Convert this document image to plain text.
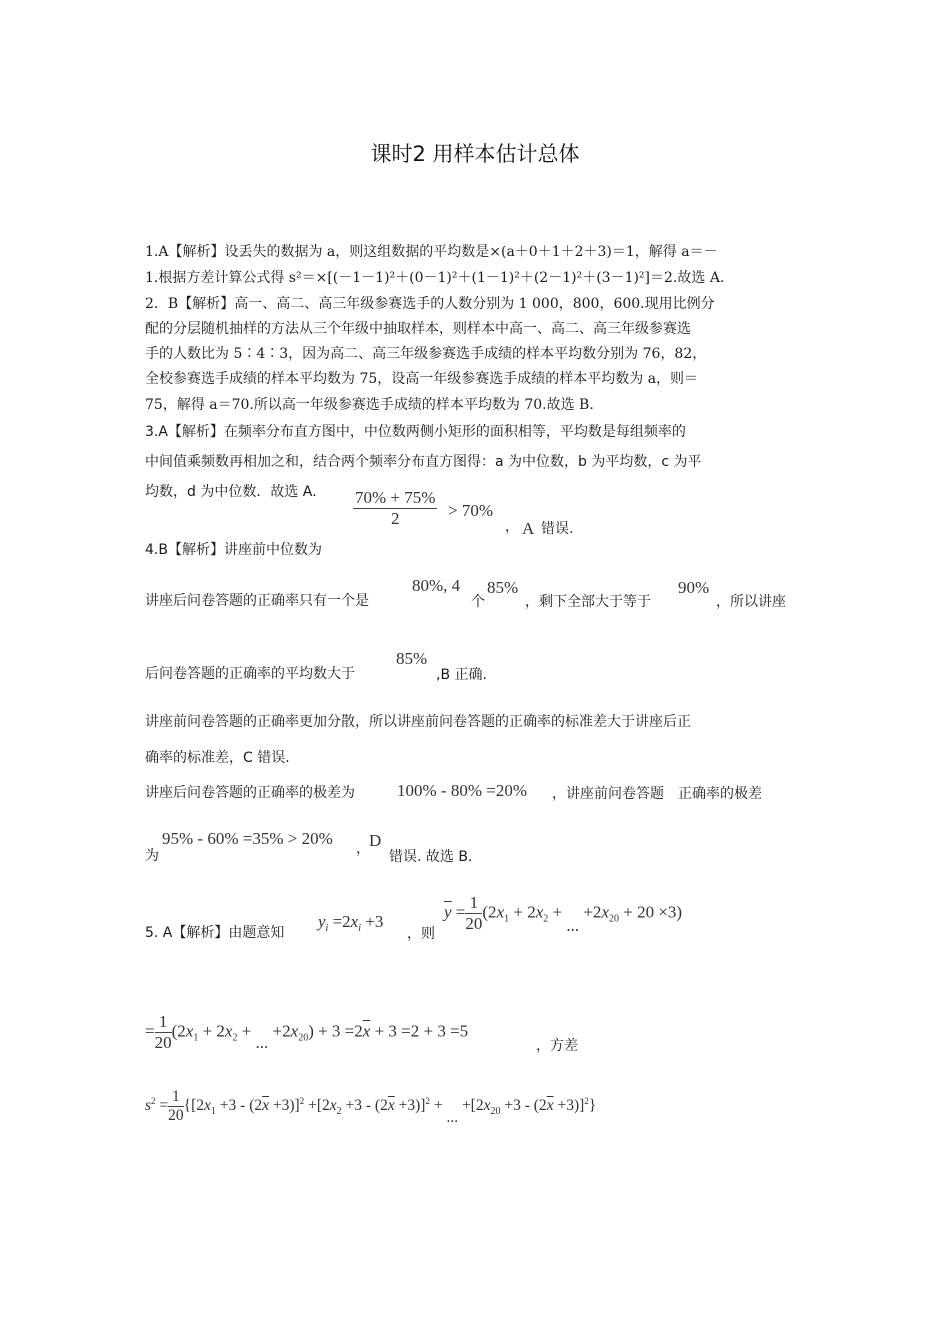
课时2 用样本估计总体
1.A【解析】设丢失的数据为 a，则这组数据的平均数是×(a＋0＋1＋2＋3)＝1，解得 a＝－
1.根据方差计算公式得 s²＝×[(－1－1)²＋(0－1)²＋(1－1)²＋(2－1)²＋(3－1)²]＝2.故选 A.
2．B【解析】高一、高二、高三年级参赛选手的人数分别为 1 000，800，600.现用比例分
配的分层随机抽样的方法从三个年级中抽取样本，则样本中高一、高二、高三年级参赛选
手的人数比为 5∶4∶3，因为高二、高三年级参赛选手成绩的样本平均数分别为 76，82，
全校参赛选手成绩的样本平均数为 75，设高一年级参赛选手成绩的样本平均数为 a，则＝
75，解得 a＝70.所以高一年级参赛选手成绩的样本平均数为 70.故选 B.
3.A【解析】在频率分布直方图中，中位数两侧小矩形的面积相等，平均数是每组频率的
中间值乘频数再相加之和，结合两个频率分布直方图得：a 为中位数，b 为平均数，c 为平
均数，d 为中位数．故选 A.
4.B【解析】讲座前中位数为
$\frac{70\% + 75\%}{2} > 70\%$
， A 错误.
讲座后问卷答题的正确率只有一个是
80%, 4
个
85%
，剩下全部大于等于
90%
，所以讲座
后问卷答题的正确率的平均数大于
85%
,B 正确.
讲座前问卷答题的正确率更加分散，所以讲座前问卷答题的正确率的标准差大于讲座后正
确率的标准差，C 错误.
讲座后问卷答题的正确率的极差为 100% - 80% =20% ，讲座前问卷答题　正确率的极差
为
95% - 60% =35% > 20%
， D
错误. 故选 B.
5. A【解析】由题意知
$y_i =2x_i +3$
，则
$\overline{y} = \frac{1}{20} (2x_1 + 2x_2$ + ... $+2x_{20} + 20 \times 3$)
= $\frac{1}{20} (2x_1 + 2x_2$ + ... $+2x_{20}) + 3 =2\overline{x} + 3 =2 + 3 =5$
，方差
$s^2 = \frac{1}{20} \{[2x_1 +3 - (2\overline{x} +3)]^2 +[2x_2 +3 - (2\overline{x} +3)]^2$ + ... $+[2x_{20} +3 - (2\overline{x} +3)]^2$}
